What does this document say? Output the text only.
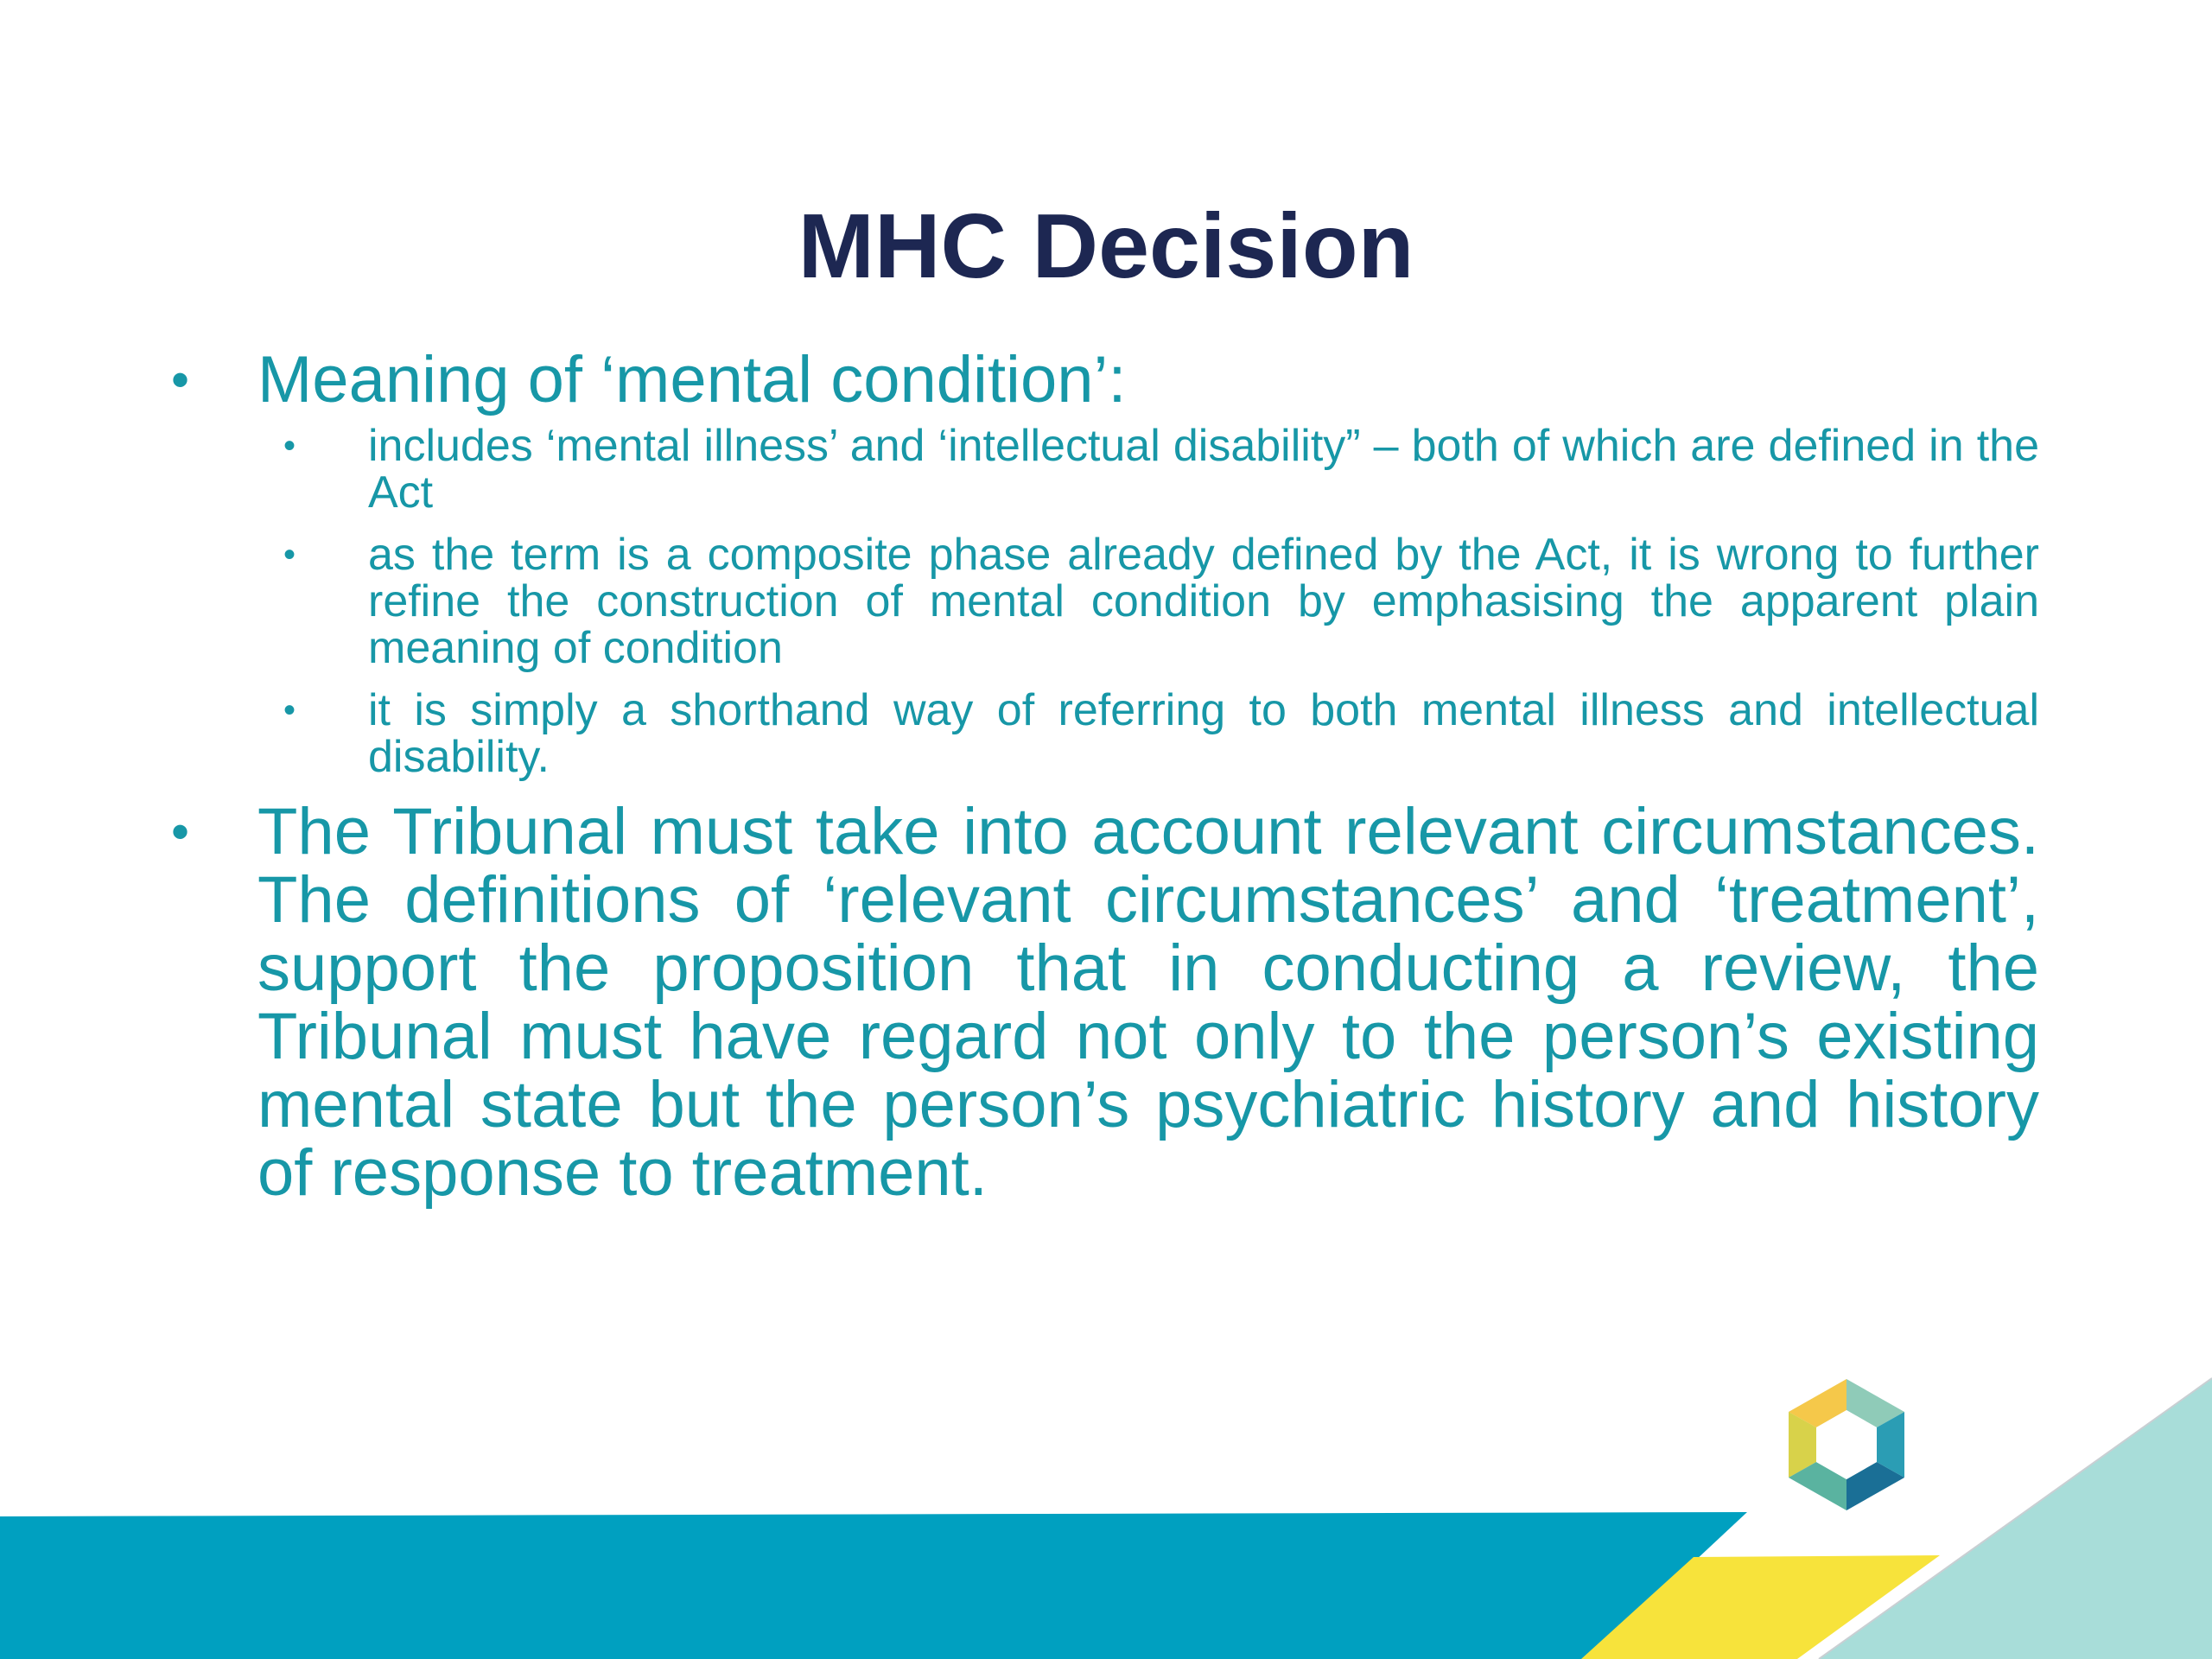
MHC Decision
• Meaning of ‘mental condition’:
• includes ‘mental illness’ and ‘intellectual disability” – both of which are defined in the Act
• as the term is a composite phase already defined by the Act, it is wrong to further refine the construction of mental condition by emphasising the apparent plain meaning of condition
• it is simply a shorthand way of referring to both mental illness and intellectual disability.
• The Tribunal must take into account relevant circumstances. The definitions of ‘relevant circumstances’ and ‘treatment’, support the proposition that in conducting a review, the Tribunal must have regard not only to the person’s existing mental state but the person’s psychiatric history and history of response to treatment.
